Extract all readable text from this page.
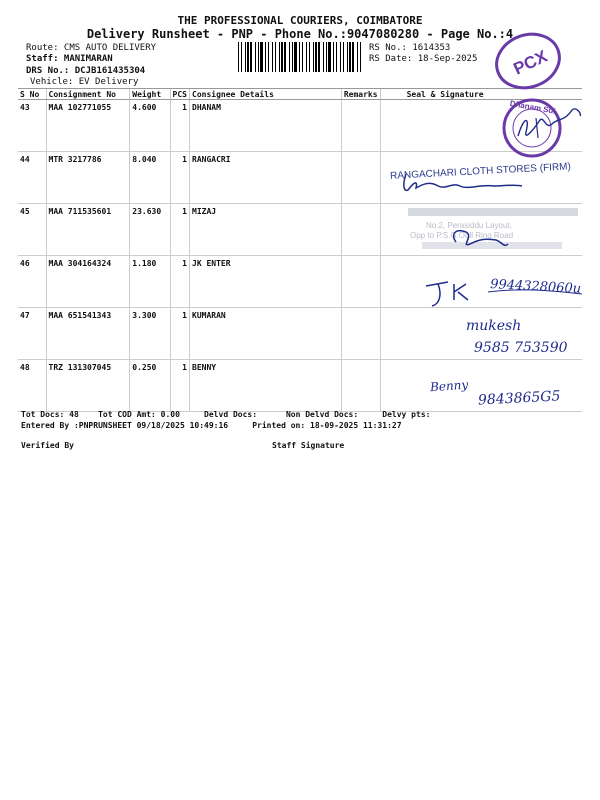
THE PROFESSIONAL COURIERS, COIMBATORE
Delivery Runsheet - PNP - Phone No.:9047080280 - Page No.:4
Route: CMS AUTO DELIVERY
Staff: MANIMARAN
DRS No.: DCJB161435304
Vehicle: EV Delivery
RS No.: 1614353
RS Date: 18-Sep-2025
S No	Consignment No	Weight	PCS	Consignee Details	Remarks	Seal & Signature
43	MAA 102771055	4.600	1	DHANAM		
44	MTR 3217786	8.040	1	RANGACRI		
45	MAA 711535601	23.630	1	MIZAJ		
46	MAA 304164324	1.180	1	JK ENTER		
47	MAA 651541343	3.300	1	KUMARAN		
48	TRZ 131307045	0.250	1	BENNY		
PCX
Dhanam Sui
RANGACHARI CLOTH STORES (FIRM)
No.2, Perasiddu Layout,
Opp to P.S.G.Ooll Ring Road
9944328060u
mukesh
9585 753590
Benny
9843865G5
Tot Docs: 48 Tot COD Amt: 0.00	Delvd Docs:	Non Delvd Docs:	Delvy pts:
Entered By :PNPRUNSHEET 09/18/2025 10:49:16	Printed on: 18-09-2025 11:31:27
Verified By	Staff Signature
